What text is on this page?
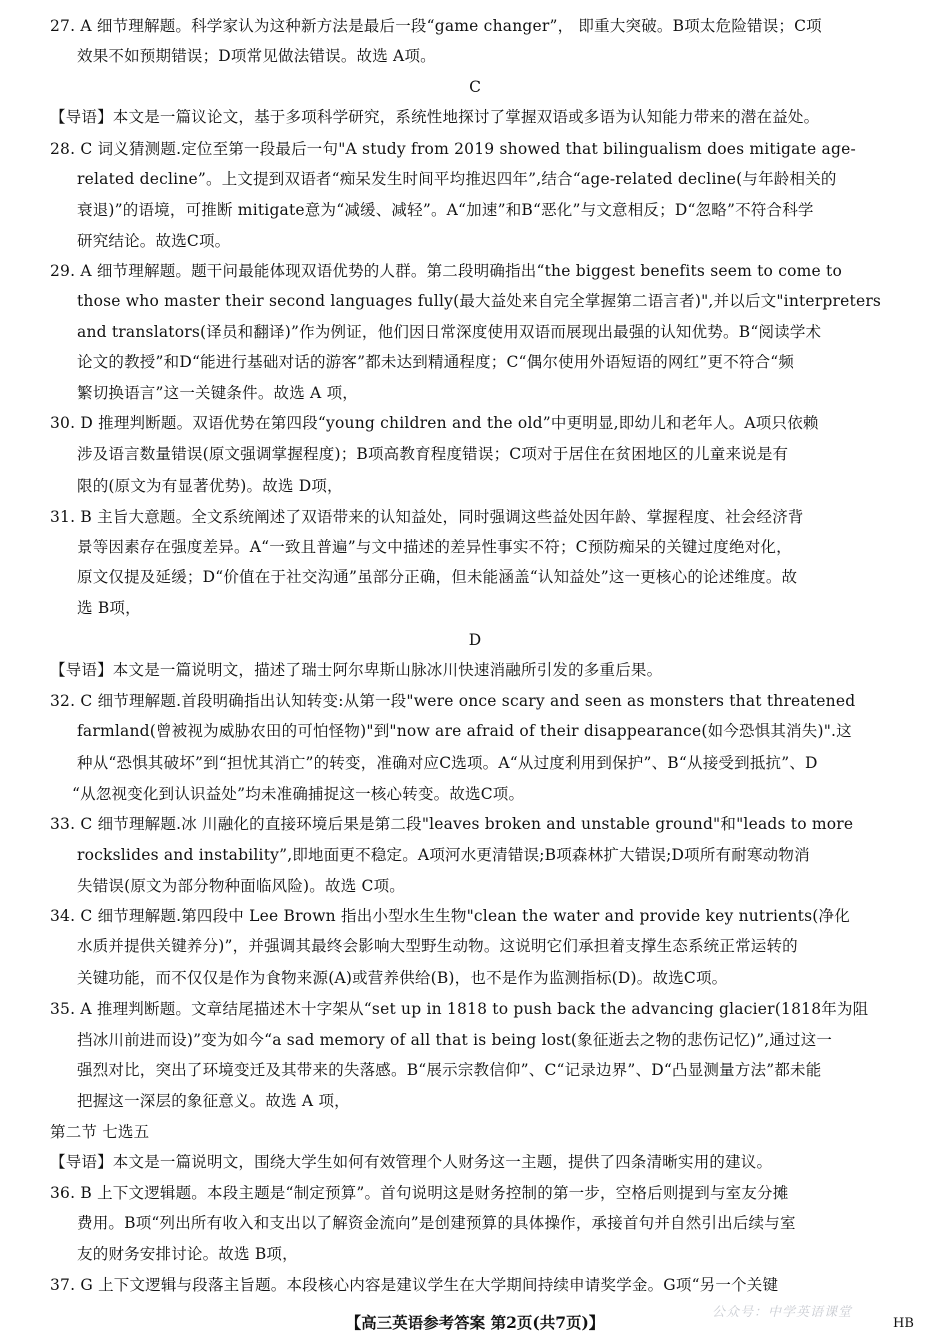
27. A 细节理解题。科学家认为这种新方法是最后一段“game changer”， 即重大突破。B项太危险错误；C项
效果不如预期错误；D项常见做法错误。故选 A项。
C
【导语】本文是一篇议论文，基于多项科学研究，系统性地探讨了掌握双语或多语为认知能力带来的潜在益处。
28. C 词义猜测题.定位至第一段最后一句"A study from 2019 showed that bilingualism does mitigate age-
related decline”。上文提到双语者“痴呆发生时间平均推迟四年”,结合“age-related decline(与年龄相关的
衰退)”的语境，可推断 mitigate意为“减缓、减轻”。A“加速”和B“恶化”与文意相反；D“忽略”不符合科学
研究结论。故选C项。
29. A 细节理解题。题干问最能体现双语优势的人群。第二段明确指出“the biggest benefits seem to come to
those who master their second languages fully(最大益处来自完全掌握第二语言者)",并以后文"interpreters
and translators(译员和翻译)”作为例证，他们因日常深度使用双语而展现出最强的认知优势。B“阅读学术
论文的教授”和D“能进行基础对话的游客”都未达到精通程度；C“偶尔使用外语短语的网红”更不符合“频
繁切换语言”这一关键条件。故选 A 项，
30. D 推理判断题。双语优势在第四段“young children and the old”中更明显,即幼儿和老年人。A项只依赖
涉及语言数量错误(原文强调掌握程度)；B项高教育程度错误；C项对于居住在贫困地区的儿童来说是有
限的(原文为有显著优势)。故选 D项，
31. B 主旨大意题。全文系统阐述了双语带来的认知益处，同时强调这些益处因年龄、掌握程度、社会经济背
景等因素存在强度差异。A“一致且普遍”与文中描述的差异性事实不符；C预防痴呆的关键过度绝对化，
原文仅提及延缓；D“价值在于社交沟通”虽部分正确，但未能涵盖“认知益处”这一更核心的论述维度。故
选 B项，
D
【导语】本文是一篇说明文，描述了瑞士阿尔卑斯山脉冰川快速消融所引发的多重后果。
32. C 细节理解题.首段明确指出认知转变:从第一段"were once scary and seen as monsters that threatened
farmland(曾被视为威胁农田的可怕怪物)"到"now are afraid of their disappearance(如今恐惧其消失)".这
种从“恐惧其破坏”到“担忧其消亡”的转变，准确对应C选项。A“从过度利用到保护”、B“从接受到抵抗”、D
“从忽视变化到认识益处”均未准确捕捉这一核心转变。故选C项。
33. C 细节理解题.冰 川融化的直接环境后果是第二段"leaves broken and unstable ground"和"leads to more
rockslides and instability”,即地面更不稳定。A项河水更清错误;B项森林扩大错误;D项所有耐寒动物消
失错误(原文为部分物种面临风险)。故选 C项。
34. C 细节理解题.第四段中 Lee Brown 指出小型水生生物"clean the water and provide key nutrients(净化
水质并提供关键养分)”，并强调其最终会影响大型野生动物。这说明它们承担着支撑生态系统正常运转的
关键功能，而不仅仅是作为食物来源(A)或营养供给(B)，也不是作为监测指标(D)。故选C项。
35. A 推理判断题。文章结尾描述木十字架从“set up in 1818 to push back the advancing glacier(1818年为阻
挡冰川前进而设)”变为如今“a sad memory of all that is being lost(象征逝去之物的悲伤记忆)”,通过这一
强烈对比，突出了环境变迁及其带来的失落感。B“展示宗教信仰”、C“记录边界”、D“凸显测量方法”都未能
把握这一深层的象征意义。故选 A 项，
第二节 七选五
【导语】本文是一篇说明文，围绕大学生如何有效管理个人财务这一主题，提供了四条清晰实用的建议。
36. B 上下文逻辑题。本段主题是“制定预算”。首句说明这是财务控制的第一步，空格后则提到与室友分摊
费用。B项“列出所有收入和支出以了解资金流向”是创建预算的具体操作，承接首句并自然引出后续与室
友的财务安排讨论。故选 B项，
37. G 上下文逻辑与段落主旨题。本段核心内容是建议学生在大学期间持续申请奖学金。G项“另一个关键
公众号：中学英语课堂
【高三英语参考答案 第2页(共7页)】	HB
